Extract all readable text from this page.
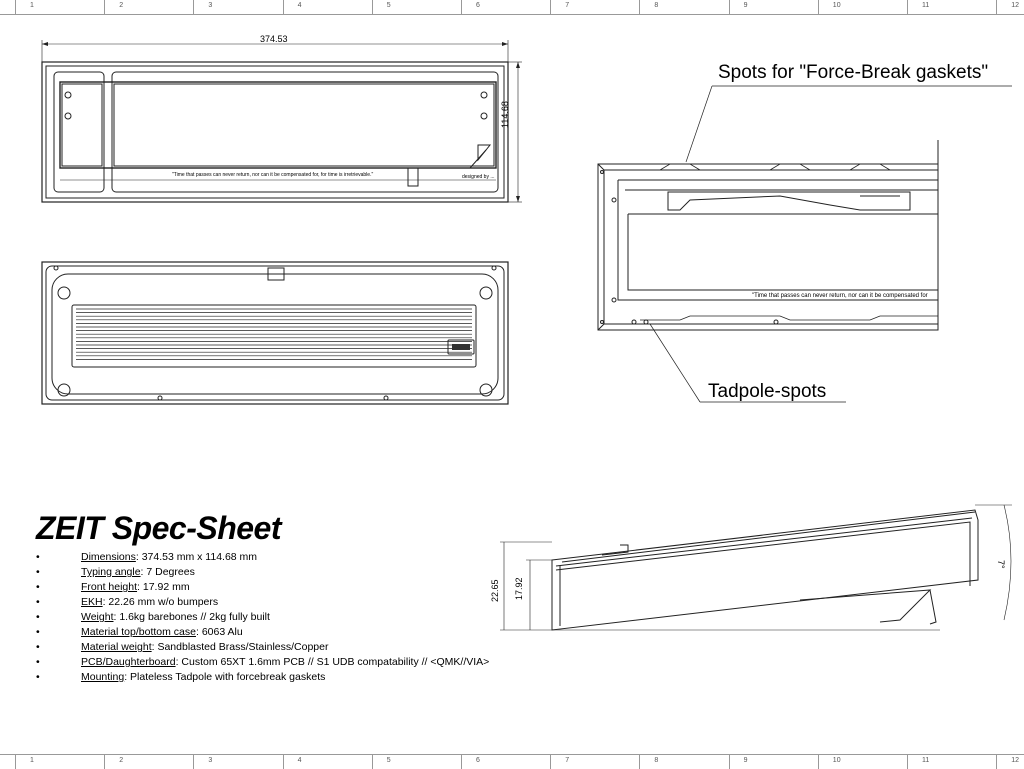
1	2	3	4	5	6	7	8	9	10	11	12
1	2	3	4	5	6	7	8	9	10	11	12
374.53
114.68
22.65 17.92
7°
"Time that passes can never return, nor can it be compensated for, for time is irretrievable."	designed by ...
"Time that passes can never return, nor can it be compensated for
Spots for "Force-Break gaskets"
Tadpole-spots
ZEIT Spec-Sheet
•	Dimensions: 374.53 mm x 114.68 mm
•	Typing angle: 7 Degrees
•	Front height: 17.92 mm
•	EKH: 22.26 mm w/o bumpers
•	Weight: 1.6kg barebones // 2kg fully built
•	Material top/bottom case: 6063 Alu
•	Material weight: Sandblasted Brass/Stainless/Copper
•	PCB/Daughterboard: Custom 65XT 1.6mm PCB // S1 UDB compatability // <QMK//VIA>
•	Mounting: Plateless Tadpole with forcebreak gaskets
